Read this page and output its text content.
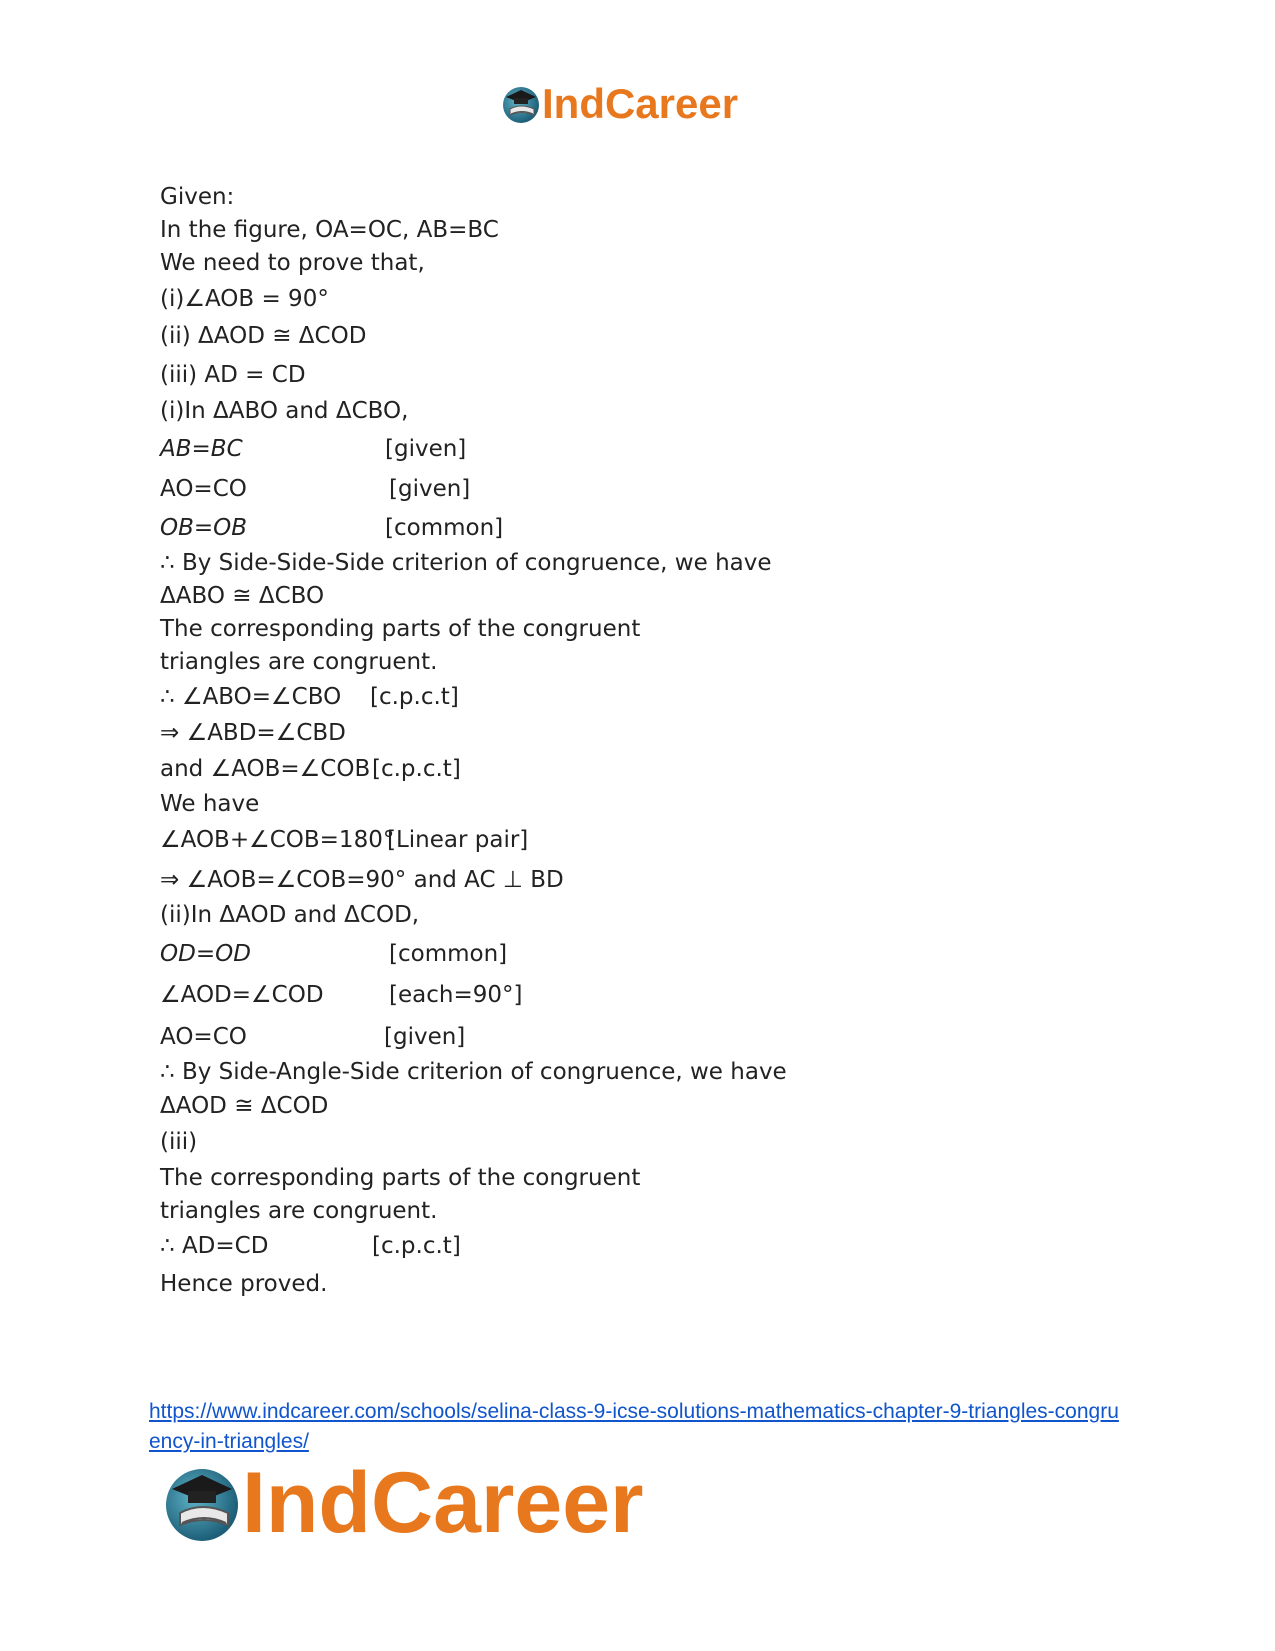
IndCareer
Given:
In the figure, OA=OC, AB=BC
We need to prove that,
(i)∠AOB = 90°
(ii) ΔAOD ≅ ΔCOD
(iii) AD = CD
(i)In ΔABO and ΔCBO,
AB=BC	[given]
AO=CO	[given]
OB=OB	[common]
∴ By Side-Side-Side criterion of congruence, we have
ΔABO ≅ ΔCBO
The corresponding parts of the congruent
triangles are congruent.
∴ ∠ABO=∠CBO [c.p.c.t]
⇒ ∠ABD=∠CBD
and ∠AOB=∠COB [c.p.c.t]
We have
∠AOB+∠COB=180°
[Linear pair]
⇒ ∠AOB=∠COB=90° and AC ⊥ BD
(ii)In ΔAOD and ΔCOD,
OD=OD	[common]
∠AOD=∠COD	[each=90°]
AO=CO	[given]
∴ By Side-Angle-Side criterion of congruence, we have
ΔAOD ≅ ΔCOD
(iii)
The corresponding parts of the congruent
triangles are congruent.
∴ AD=CD	[c.p.c.t]
Hence proved.
https://www.indcareer.com/schools/selina-class-9-icse-solutions-mathematics-chapter-9-triangles-congruency-in-triangles/
IndCareer
